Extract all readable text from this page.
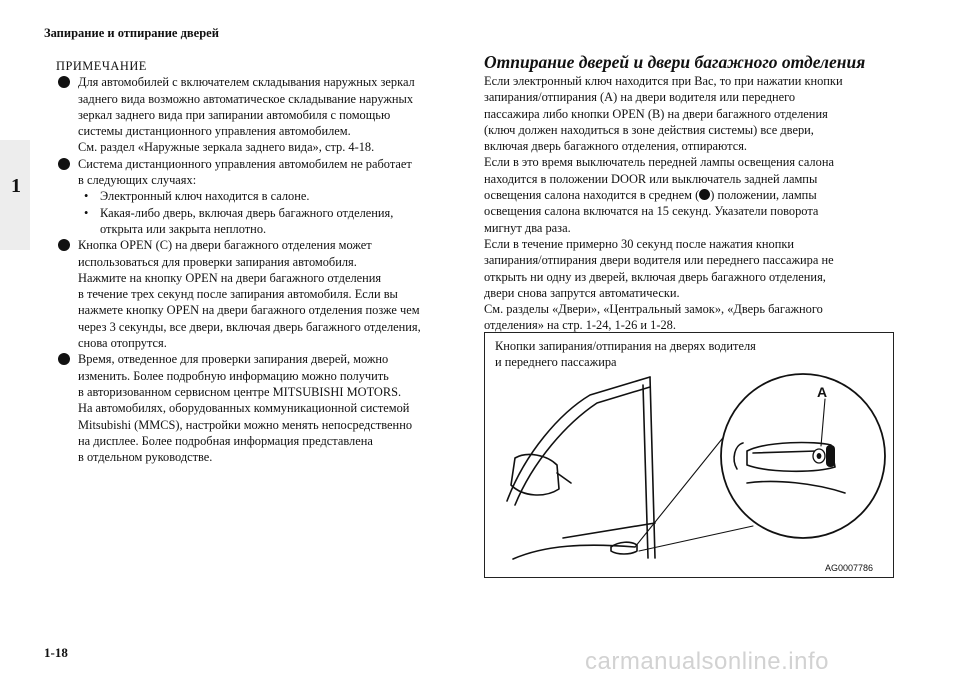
Запирание и отпирание дверей
1
ПРИМЕЧАНИЕ
Для автомобилей с включателем складывания наружных зеркал
заднего вида возможно автоматическое складывание наружных
зеркал заднего вида при запирании автомобиля с помощью
системы дистанционного управления автомобилем.
См. раздел «Наружные зеркала заднего вида», стр. 4-18.
Система дистанционного управления автомобилем не работает
в следующих случаях:
• Электронный ключ находится в салоне.
• Какая-либо дверь, включая дверь багажного отделения,
открыта или закрыта неплотно.
Кнопка OPEN (C) на двери багажного отделения может
использоваться для проверки запирания автомобиля.
Нажмите на кнопку OPEN на двери багажного отделения
в течение трех секунд после запирания автомобиля. Если вы
нажмете кнопку OPEN на двери багажного отделения позже чем
через 3 секунды, все двери, включая дверь багажного отделения,
снова отопрутся.
Время, отведенное для проверки запирания дверей, можно
изменить. Более подробную информацию можно получить
в авторизованном сервисном центре MITSUBISHI MOTORS.
На автомобилях, оборудованных коммуникационной системой
Mitsubishi (MMCS), настройки можно менять непосредственно
на дисплее. Более подробная информация представлена
в отдельном руководстве.
Отпирание дверей и двери багажного отделения
Если электронный ключ находится при Вас, то при нажатии кнопки
запирания/отпирания (A) на двери водителя или переднего
пассажира либо кнопки OPEN (B) на двери багажного отделения
(ключ должен находиться в зоне действия системы) все двери,
включая дверь багажного отделения, отпираются.
Если в это время выключатель передней лампы освещения салона
находится в положении DOOR или выключатель задней лампы
освещения салона находится в среднем ( ) положении, лампы
освещения салона включатся на 15 секунд. Указатели поворота
мигнут два раза.
Если в течение примерно 30 секунд после нажатия кнопки
запирания/отпирания двери водителя или переднего пассажира не
открыть ни одну из дверей, включая дверь багажного отделения,
двери снова запрутся автоматически.
См. разделы «Двери», «Центральный замок», «Дверь багажного
отделения» на стр. 1-24, 1-26 и 1-28.
Кнопки запирания/отпирания на дверях водителя
и переднего пассажира
A
AG0007786
1-18	carmanualsonline.info
